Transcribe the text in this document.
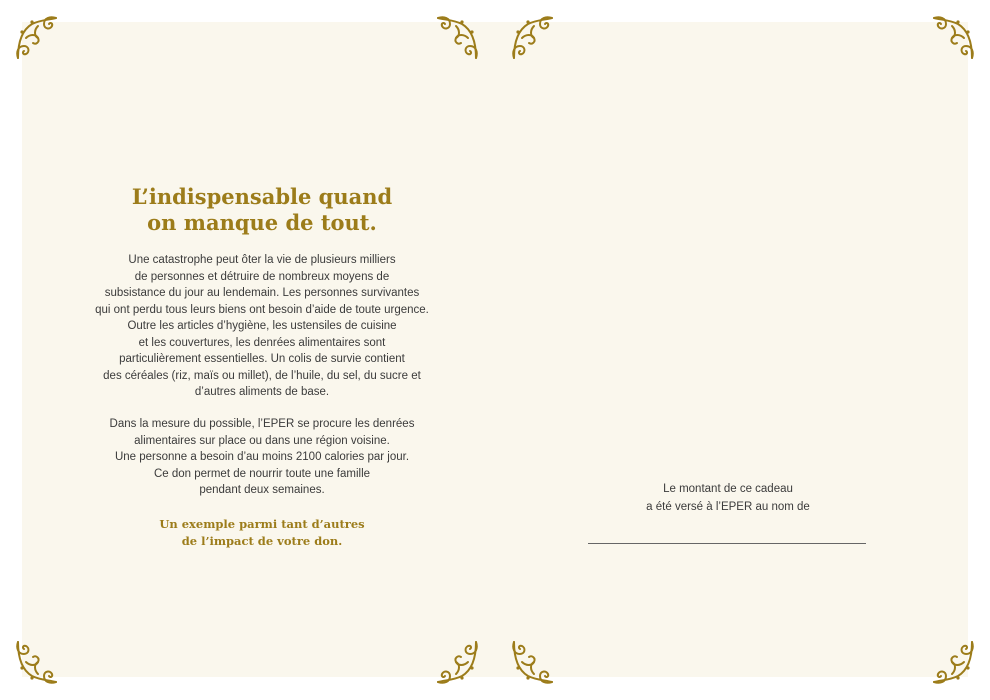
L’indispensable quand
on manque de tout.

Une catastrophe peut ôter la vie de plusieurs milliers
de personnes et détruire de nombreux moyens de
subsistance du jour au lendemain. Les personnes survivantes
qui ont perdu tous leurs biens ont besoin d’aide de toute urgence.
Outre les articles d’hygiène, les ustensiles de cuisine
et les couvertures, les denrées alimentaires sont
particulièrement essentielles. Un colis de survie contient
des céréales (riz, maïs ou millet), de l’huile, du sel, du sucre et
d’autres aliments de base.

Dans la mesure du possible, l’EPER se procure les denrées
alimentaires sur place ou dans une région voisine.
Une personne a besoin d’au moins 2100 calories par jour.
Ce don permet de nourrir toute une famille
pendant deux semaines.

Un exemple parmi tant d’autres
de l’impact de votre don.

Le montant de ce cadeau
a été versé à l’EPER au nom de
